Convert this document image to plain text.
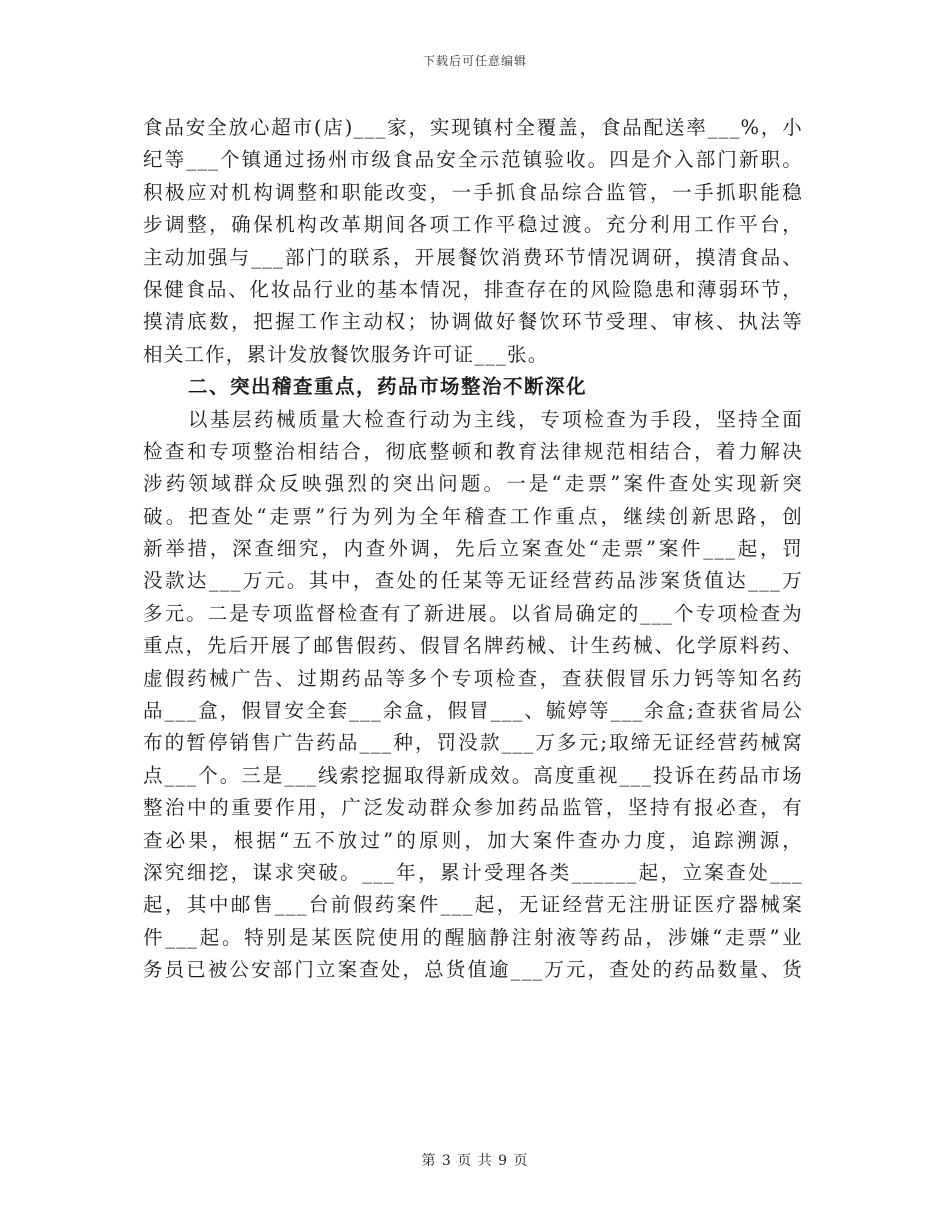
下载后可任意编辑
食品安全放心超市(店)___家，实现镇村全覆盖，食品配送率___%，小
纪等___个镇通过扬州市级食品安全示范镇验收。四是介入部门新职。
积极应对机构调整和职能改变，一手抓食品综合监管，一手抓职能稳
步调整，确保机构改革期间各项工作平稳过渡。充分利用工作平台，
主动加强与___部门的联系，开展餐饮消费环节情况调研，摸清食品、
保健食品、化妆品行业的基本情况，排查存在的风险隐患和薄弱环节，
摸清底数，把握工作主动权；协调做好餐饮环节受理、审核、执法等
相关工作，累计发放餐饮服务许可证___张。
二、突出稽查重点，药品市场整治不断深化
以基层药械质量大检查行动为主线，专项检查为手段，坚持全面
检查和专项整治相结合，彻底整顿和教育法律规范相结合，着力解决
涉药领域群众反映强烈的突出问题。一是“走票”案件查处实现新突
破。把查处“走票”行为列为全年稽查工作重点，继续创新思路，创
新举措，深查细究，内查外调，先后立案查处“走票”案件___起，罚
没款达___万元。其中，查处的任某等无证经营药品涉案货值达___万
多元。二是专项监督检查有了新进展。以省局确定的___个专项检查为
重点，先后开展了邮售假药、假冒名牌药械、计生药械、化学原料药、
虚假药械广告、过期药品等多个专项检查，查获假冒乐力钙等知名药
品___盒，假冒安全套___余盒，假冒___、毓婷等___余盒;查获省局公
布的暂停销售广告药品___种，罚没款___万多元;取缔无证经营药械窝
点___个。三是___线索挖掘取得新成效。高度重视___投诉在药品市场
整治中的重要作用，广泛发动群众参加药品监管，坚持有报必查，有
查必果，根据“五不放过”的原则，加大案件查办力度，追踪溯源，
深究细挖，谋求突破。___年，累计受理各类______起，立案查处___
起，其中邮售___台前假药案件___起，无证经营无注册证医疗器械案
件___起。特别是某医院使用的醒脑静注射液等药品，涉嫌“走票”业
务员已被公安部门立案查处，总货值逾___万元，查处的药品数量、货
第 3 页 共 9 页
